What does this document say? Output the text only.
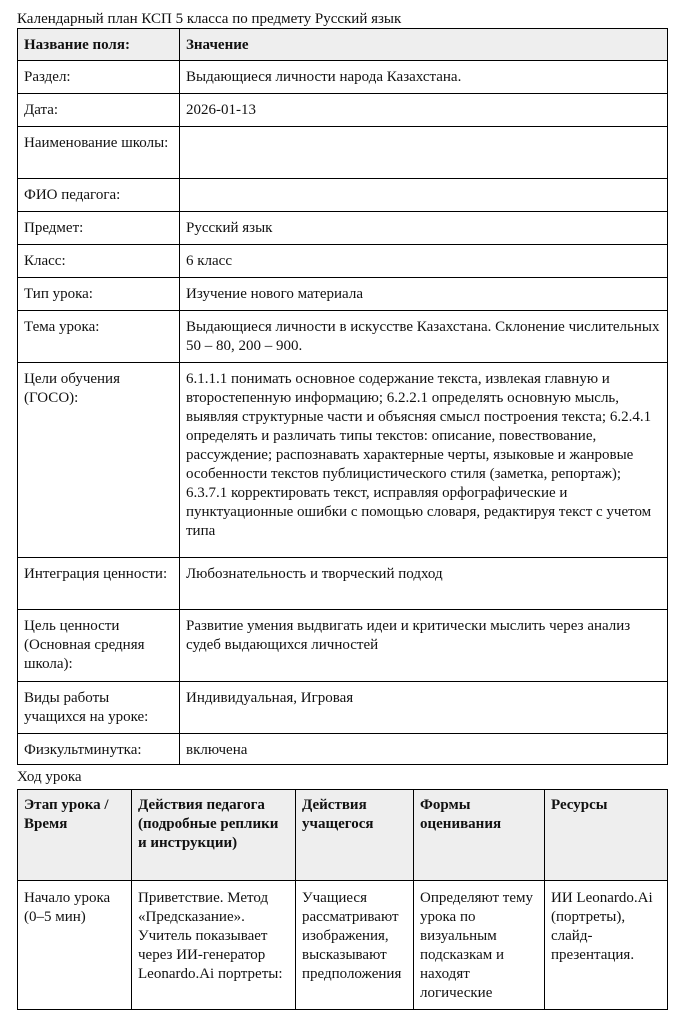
Календарный план КСП 5 класса по предмету Русский язык
Название поля:	Значение
Раздел:	Выдающиеся личности народа Казахстана.
Дата:	2026-01-13
Наименование школы:	
ФИО педагога:	
Предмет:	Русский язык
Класс:	6 класс
Тип урока:	Изучение нового материала
Тема урока:	Выдающиеся личности в искусстве Казахстана. Склонение числительных 50 – 80, 200 – 900.
Цели обучения (ГОСО):	6.1.1.1 понимать основное содержание текста, извлекая главную и второстепенную информацию; 6.2.2.1 определять основную мысль, выявляя структурные части и объясняя смысл построения текста; 6.2.4.1 определять и различать типы текстов: описание, повествование, рассуждение; распознавать характерные черты, языковые и жанровые особенности текстов публицистического стиля (заметка, репортаж);
6.3.7.1 корректировать текст, исправляя орфографические и пунктуационные ошибки с помощью словаря, редактируя текст с учетом типа

Интеграция ценности:	Любознательность и творческий подход
Цель ценности (Основная средняя школа):	Развитие умения выдвигать идеи и критически мыслить через анализ судеб выдающихся личностей
Виды работы учащихся на уроке:	Индивидуальная, Игровая
Физкультминутка:	включена
Ход урока
Этап урока / Время	Действия педагога (подробные реплики и инструкции)	Действия учащегося	Формы оценивания	Ресурсы

Начало урока (0–5 мин)	Приветствие. Метод «Предсказание». Учитель показывает через ИИ-генератор Leonardo.Ai портреты:	Учащиеся рассматривают изображения, высказывают предположения	Определяют тему урока по визуальным подсказкам и находят логические	ИИ Leonardo.Ai (портреты), слайд-презентация.
